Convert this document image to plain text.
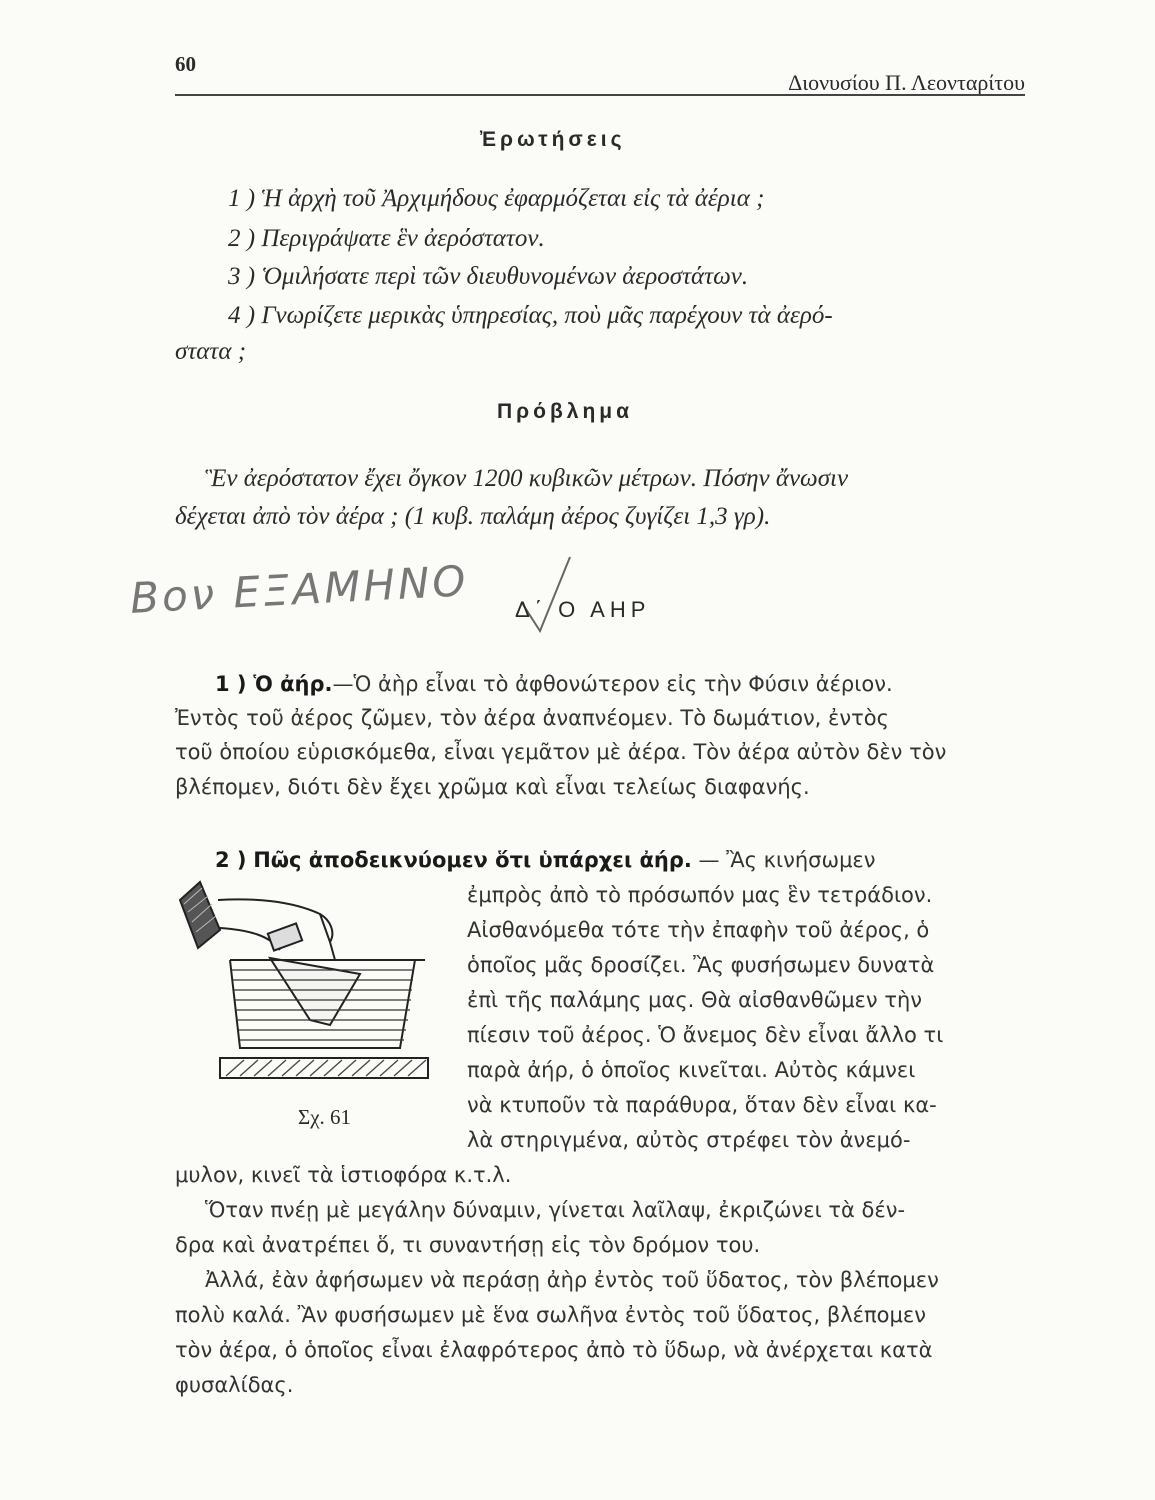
60
Διονυσίου Π. Λεονταρίτου
Ἐρωτήσεις
1 ) Ἡ ἀρχὴ τοῦ Ἀρχιμήδους ἐφαρμόζεται εἰς τὰ ἀέρια ;
2 ) Περιγράψατε ἓν ἀερόστατον.
3 ) Ὁμιλήσατε περὶ τῶν διευθυνομένων ἀεροστάτων.
4 ) Γνωρίζετε μερικὰς ὑπηρεσίας, ποὺ μᾶς παρέχουν τὰ ἀερό-
στατα ;
Πρόβλημα
Ἓν ἀερόστατον ἔχει ὄγκον 1200 κυβικῶν μέτρων. Πόσην ἄνωσιν
δέχεται ἀπὸ τὸν ἀέρα ; (1 κυβ. παλάμη ἀέρος ζυγίζει 1,3 γρ).
Βον ΕΞΑΜΗΝΟ Δ΄ Ο ΑΗΡ
1 ) Ὁ ἀήρ.—Ὁ ἀὴρ εἶναι τὸ ἀφθονώτερον εἰς τὴν Φύσιν ἀέριον.
Ἐντὸς τοῦ ἀέρος ζῶμεν, τὸν ἀέρα ἀναπνέομεν. Τὸ δωμάτιον, ἐντὸς
τοῦ ὁποίου εὑρισκόμεθα, εἶναι γεμᾶτον μὲ ἀέρα. Τὸν ἀέρα αὐτὸν δὲν τὸν
βλέπομεν, διότι δὲν ἔχει χρῶμα καὶ εἶναι τελείως διαφανής.
2 ) Πῶς ἀποδεικνύομεν ὅτι ὑπάρχει ἀήρ. — Ἂς κινήσωμεν
ἐμπρὸς ἀπὸ τὸ πρόσωπόν μας ἓν τετράδιον.
Αἰσθανόμεθα τότε τὴν ἐπαφὴν τοῦ ἀέρος, ὁ
ὁποῖος μᾶς δροσίζει. Ἂς φυσήσωμεν δυνατὰ
ἐπὶ τῆς παλάμης μας. Θὰ αἰσθανθῶμεν τὴν
πίεσιν τοῦ ἀέρος. Ὁ ἄνεμος δὲν εἶναι ἄλλο τι
παρὰ ἀήρ, ὁ ὁποῖος κινεῖται. Αὐτὸς κάμνει
νὰ κτυποῦν τὰ παράθυρα, ὅταν δὲν εἶναι κα-
λὰ στηριγμένα, αὐτὸς στρέφει τὸν ἀνεμό-
Σχ. 61
μυλον, κινεῖ τὰ ἱστιοφόρα κ.τ.λ.
Ὅταν πνέῃ μὲ μεγάλην δύναμιν, γίνεται λαῖλαψ, ἐκριζώνει τὰ δέν-
δρα καὶ ἀνατρέπει ὅ, τι συναντήσῃ εἰς τὸν δρόμον του.
Ἀλλά, ἐὰν ἀφήσωμεν νὰ περάσῃ ἀὴρ ἐντὸς τοῦ ὕδατος, τὸν βλέπομεν
πολὺ καλά. Ἂν φυσήσωμεν μὲ ἕνα σωλῆνα ἐντὸς τοῦ ὕδατος, βλέπομεν
τὸν ἀέρα, ὁ ὁποῖος εἶναι ἐλαφρότερος ἀπὸ τὸ ὕδωρ, νὰ ἀνέρχεται κατὰ
φυσαλίδας.
